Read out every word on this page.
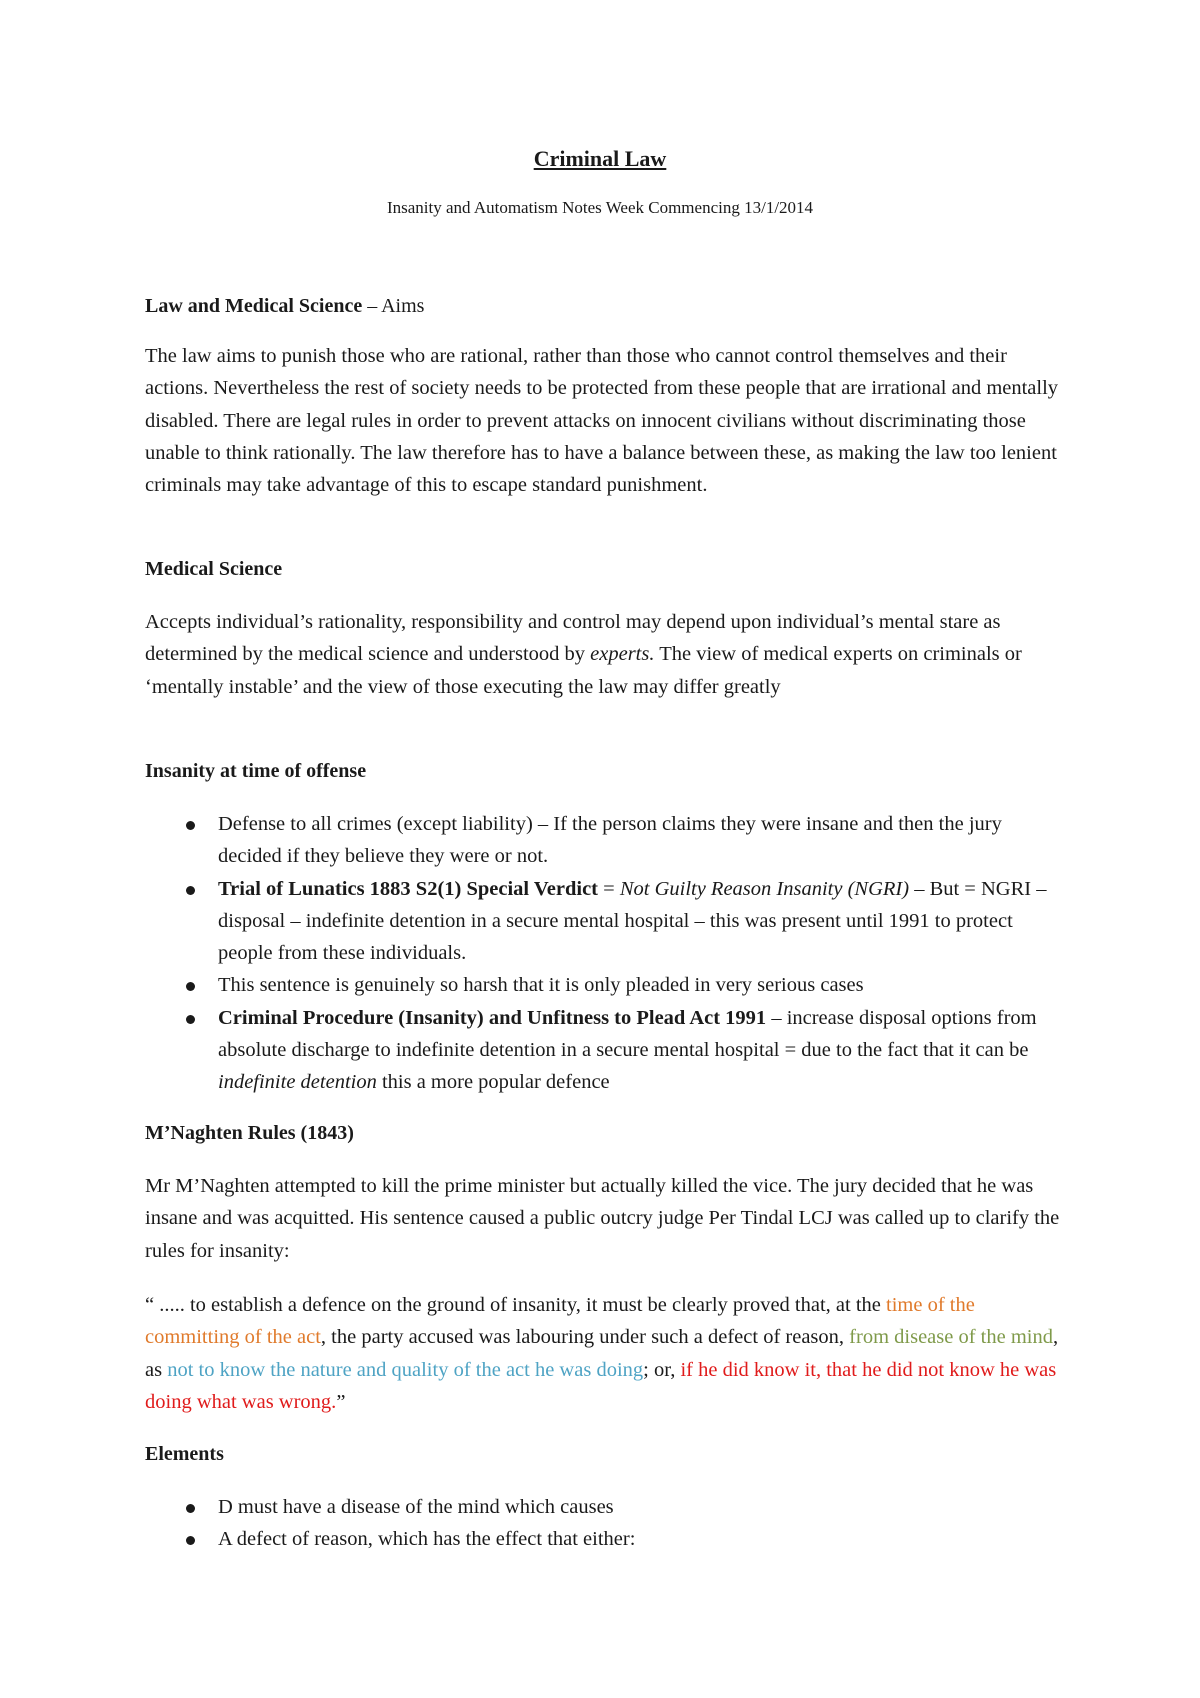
Criminal Law

Insanity and Automatism Notes Week Commencing 13/1/2014

Law and Medical Science – Aims

The law aims to punish those who are rational, rather than those who cannot control themselves and their actions. Nevertheless the rest of society needs to be protected from these people that are irrational and mentally disabled. There are legal rules in order to prevent attacks on innocent civilians without discriminating those unable to think rationally. The law therefore has to have a balance between these, as making the law too lenient criminals may take advantage of this to escape standard punishment.

Medical Science

Accepts individual’s rationality, responsibility and control may depend upon individual’s mental stare as determined by the medical science and understood by experts. The view of medical experts on criminals or ‘mentally instable’ and the view of those executing the law may differ greatly

Insanity at time of offense
Defense to all crimes (except liability) – If the person claims they were insane and then the jury decided if they believe they were or not.
Trial of Lunatics 1883 S2(1) Special Verdict = Not Guilty Reason Insanity (NGRI) – But = NGRI – disposal – indefinite detention in a secure mental hospital – this was present until 1991 to protect people from these individuals.
This sentence is genuinely so harsh that it is only pleaded in very serious cases
Criminal Procedure (Insanity) and Unfitness to Plead Act 1991 – increase disposal options from absolute discharge to indefinite detention in a secure mental hospital = due to the fact that it can be indefinite detention this a more popular defence
M’Naghten Rules (1843)

Mr M’Naghten attempted to kill the prime minister but actually killed the vice. The jury decided that he was insane and was acquitted. His sentence caused a public outcry judge Per Tindal LCJ was called up to clarify the rules for insanity:

“ ..... to establish a defence on the ground of insanity, it must be clearly proved that, at the time of the committing of the act, the party accused was labouring under such a defect of reason, from disease of the mind, as not to know the nature and quality of the act he was doing; or, if he did know it, that he did not know he was doing what was wrong.”

Elements
D must have a disease of the mind which causes
A defect of reason, which has the effect that either:
